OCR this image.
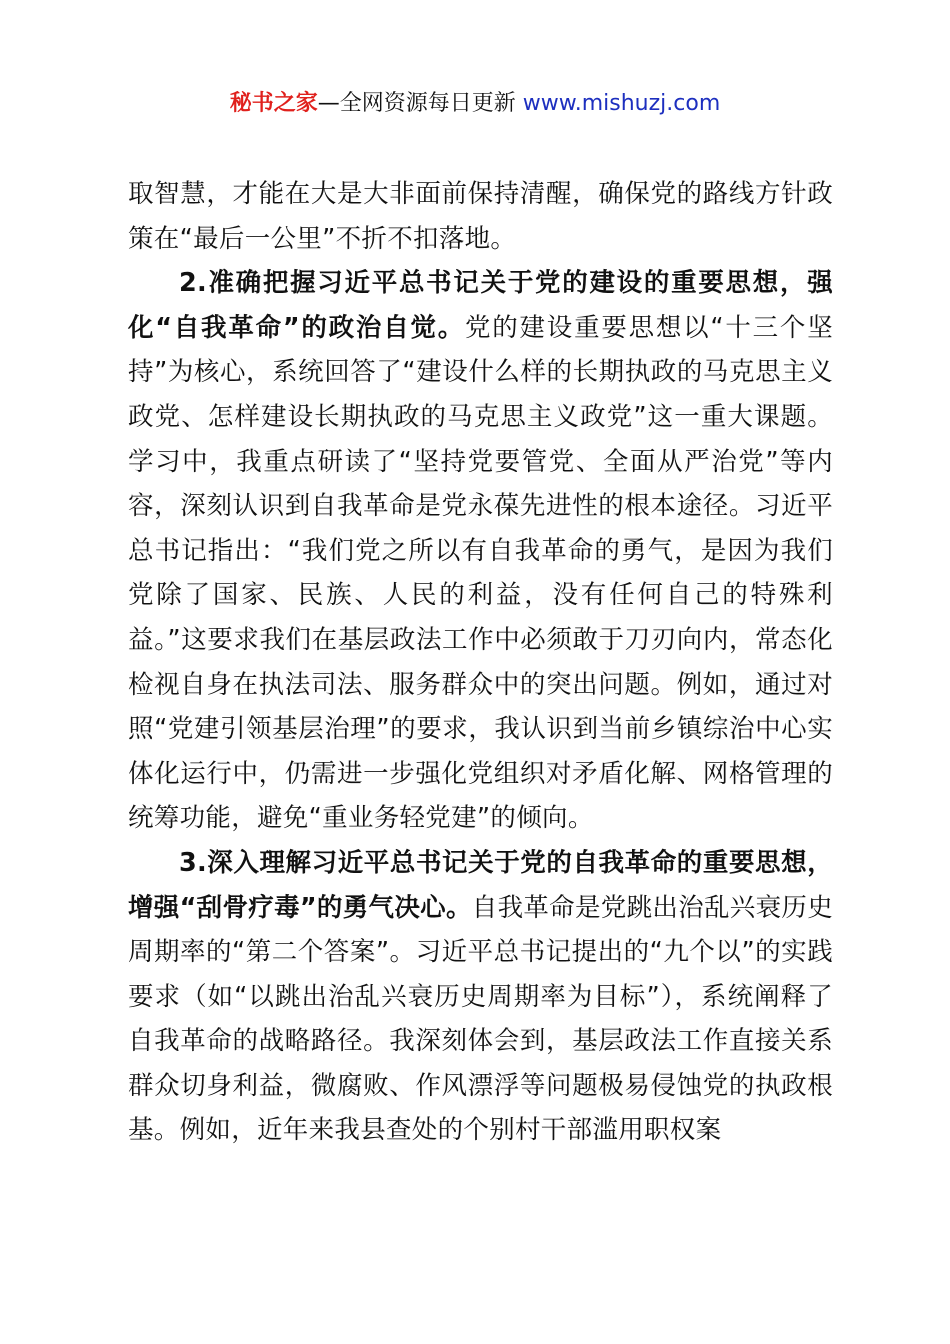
秘书之家—全网资源每日更新 www.mishuzj.com

取智慧，才能在大是大非面前保持清醒，确保党的路线方针政策在“最后一公里”不折不扣落地。

2.准确把握习近平总书记关于党的建设的重要思想，强化“自我革命”的政治自觉。党的建设重要思想以“十三个坚持”为核心，系统回答了“建设什么样的长期执政的马克思主义政党、怎样建设长期执政的马克思主义政党”这一重大课题。学习中，我重点研读了“坚持党要管党、全面从严治党”等内容，深刻认识到自我革命是党永葆先进性的根本途径。习近平总书记指出：“我们党之所以有自我革命的勇气，是因为我们党除了国家、民族、人民的利益，没有任何自己的特殊利益。”这要求我们在基层政法工作中必须敢于刀刃向内，常态化检视自身在执法司法、服务群众中的突出问题。例如，通过对照“党建引领基层治理”的要求，我认识到当前乡镇综治中心实体化运行中，仍需进一步强化党组织对矛盾化解、网格管理的统筹功能，避免“重业务轻党建”的倾向。

3.深入理解习近平总书记关于党的自我革命的重要思想，增强“刮骨疗毒”的勇气决心。自我革命是党跳出治乱兴衰历史周期率的“第二个答案”。习近平总书记提出的“九个以”的实践要求（如“以跳出治乱兴衰历史周期率为目标”），系统阐释了自我革命的战略路径。我深刻体会到，基层政法工作直接关系群众切身利益，微腐败、作风漂浮等问题极易侵蚀党的执政根基。例如，近年来我县查处的个别村干部滥用职权案
